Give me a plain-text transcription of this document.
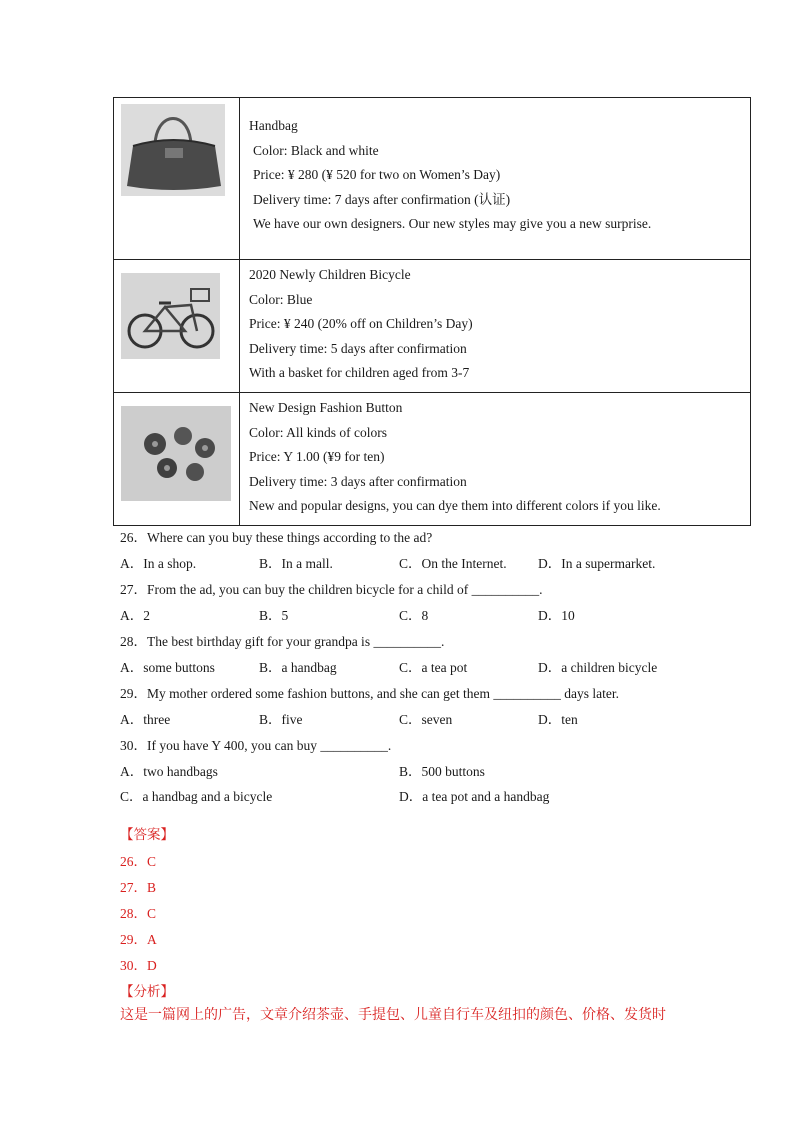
Handbag
Color: Black and white
Price: ¥ 280 (¥ 520 for two on Women’s Day)
Delivery time: 7 days after confirmation (认证)
We have our own designers. Our new styles may give you a new surprise.
2020 Newly Children Bicycle
Color: Blue
Price: ¥ 240 (20% off on Children’s Day)
Delivery time: 5 days after confirmation
With a basket for children aged from 3-7
New Design Fashion Button
Color: All kinds of colors
Price: Y 1.00 (¥9 for ten)
Delivery time: 3 days after confirmation
New and popular designs, you can dye them into different colors if you like.
26．Where can you buy these things according to the ad?
A．In a shop.	B．In a mall.	C．On the Internet. D．In a supermarket.
27．From the ad, you can buy the children bicycle for a child of __________.
A．2	B．5	C．8	D．10
28．The best birthday gift for your grandpa is __________.
A．some buttons	B．a handbag	C．a tea pot	D．a children bicycle
29．My mother ordered some fashion buttons, and she can get them __________ days later.
A．three	B．five	C．seven	D．ten
30．If you have Y 400, you can buy __________.
A．two handbags	B．500 buttons
C．a handbag and a bicycle	D．a tea pot and a handbag
【答案】
26．C
27．B
28．C
29．A
30．D
【分析】
这是一篇网上的广告，文章介绍茶壶、手提包、儿童自行车及纽扣的颜色、价格、发货时
